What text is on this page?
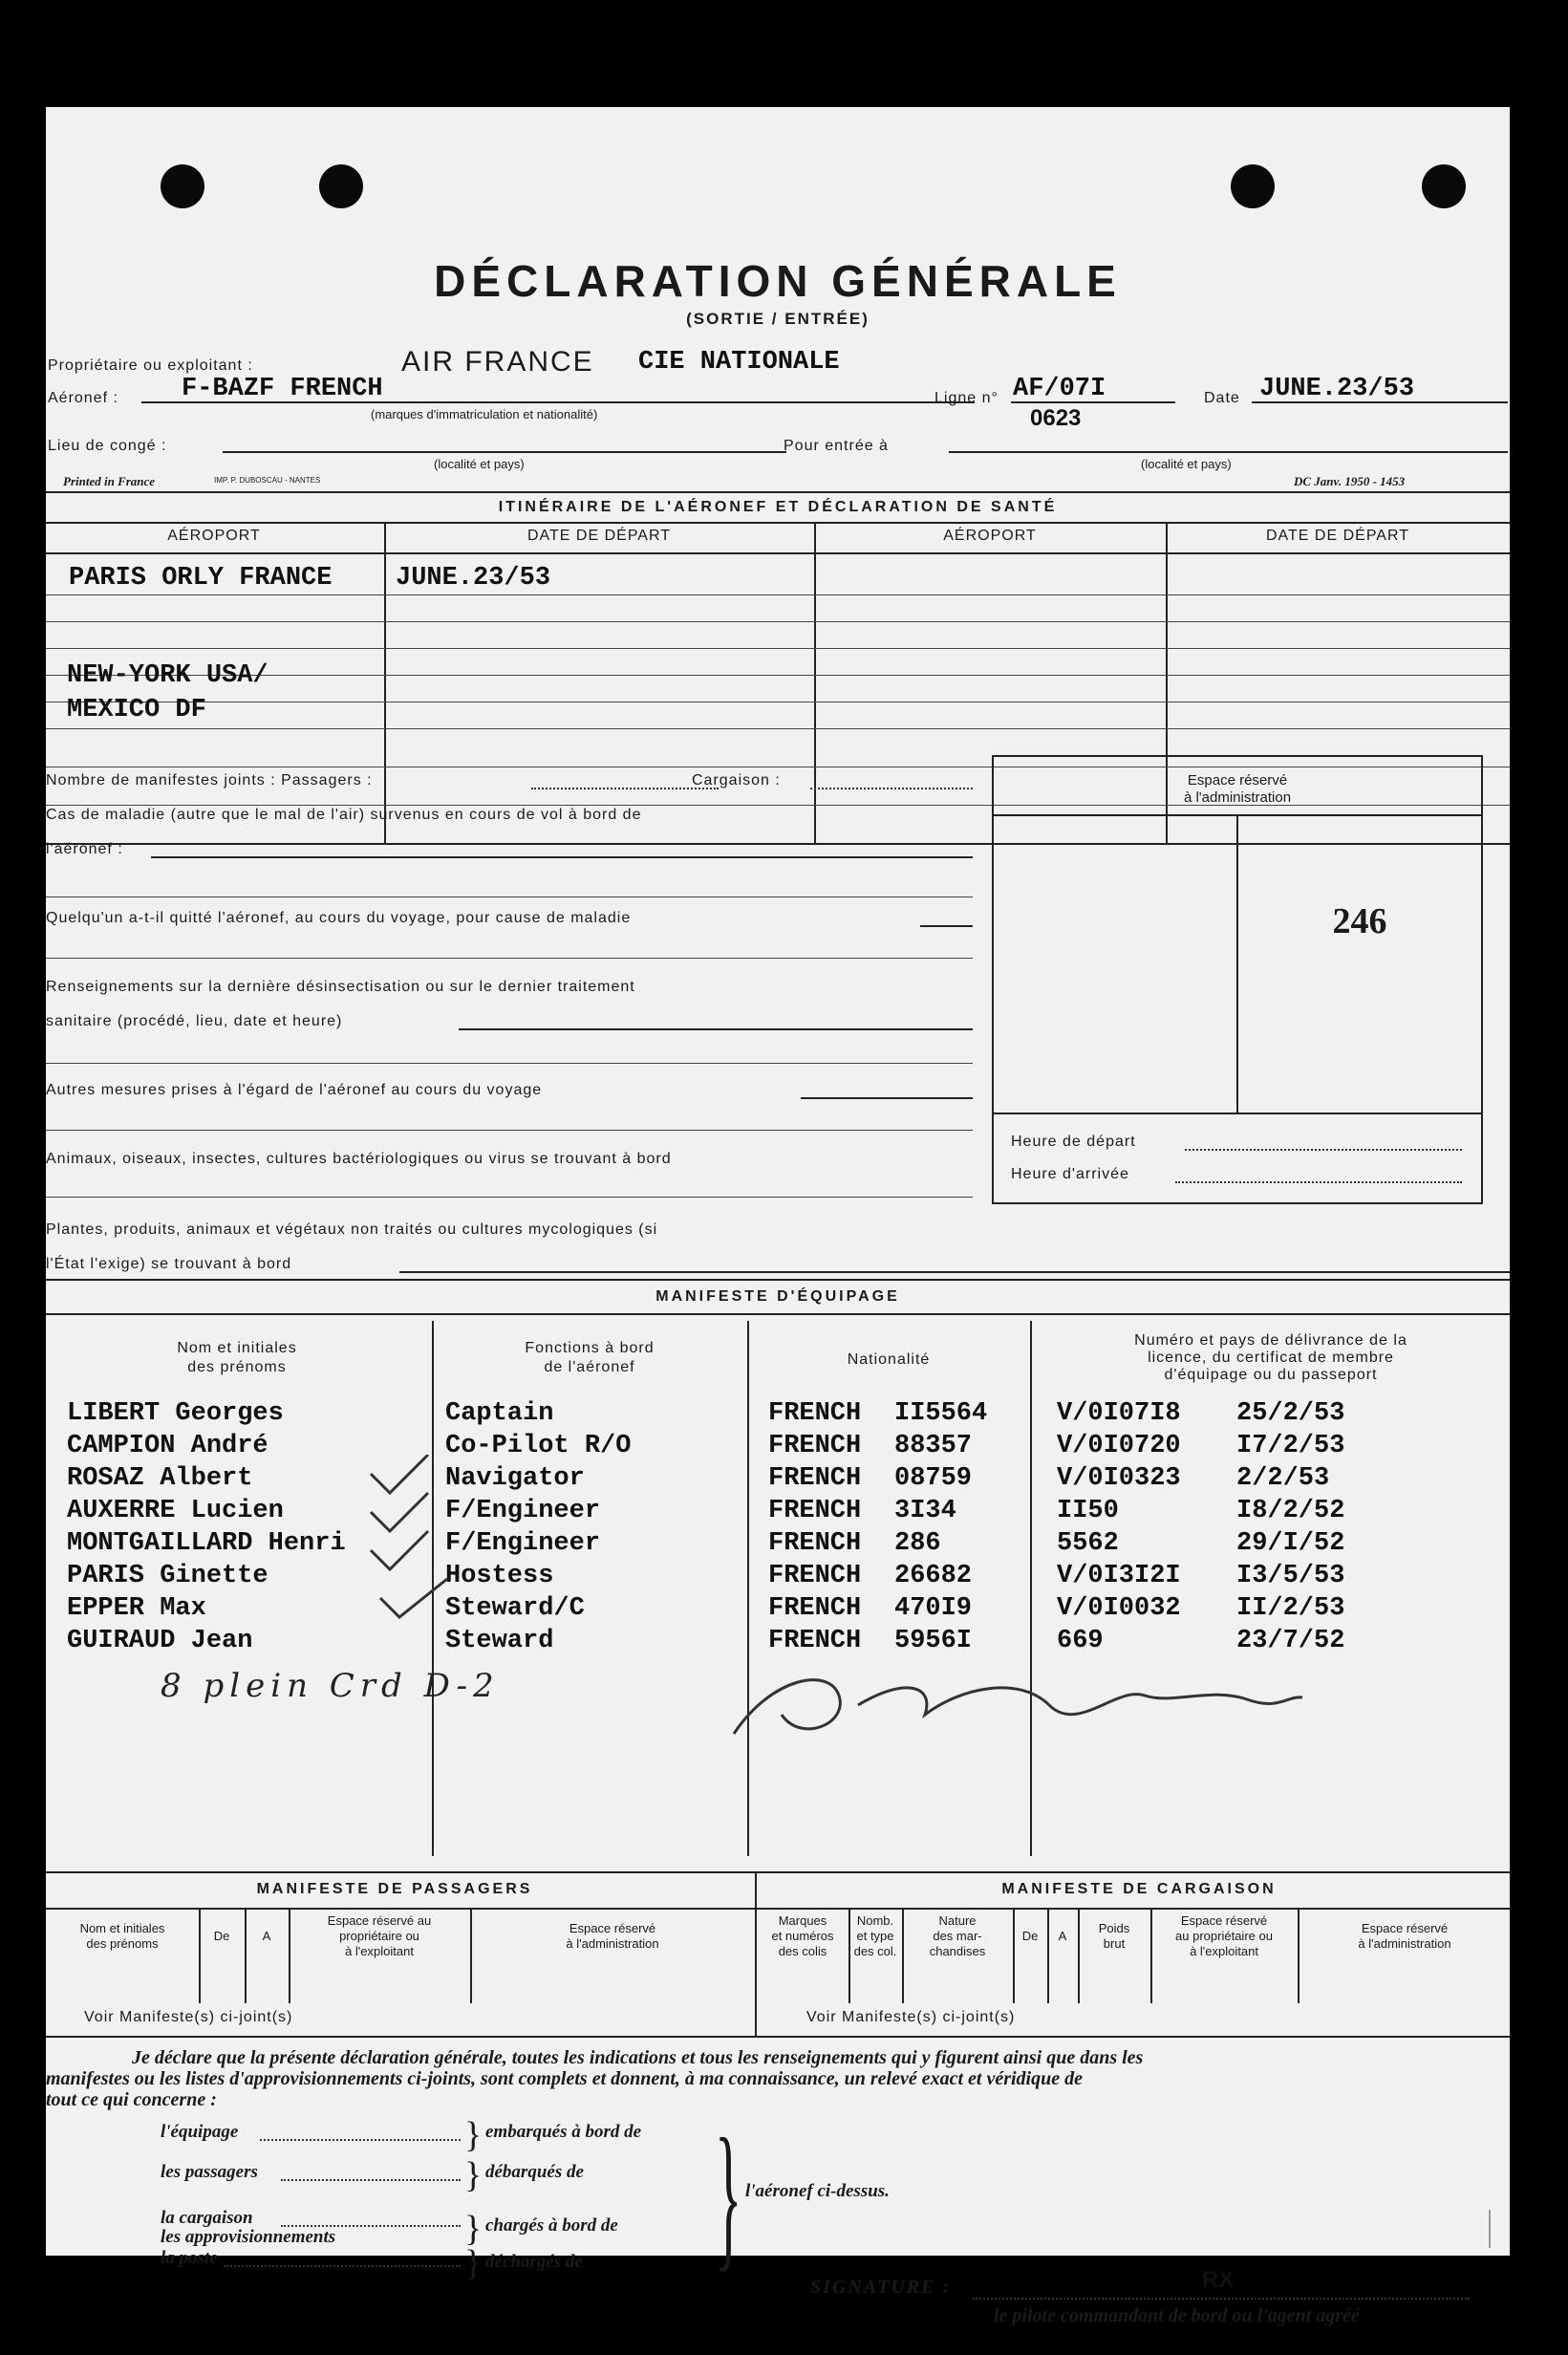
DÉCLARATION GÉNÉRALE
(SORTIE / ENTRÉE)
Propriétaire ou exploitant :	AIR FRANCE CIE NATIONALE
Aéronef : F-BAZF FRENCH	Ligne n° AF/07I
0623
Date JUNE.23/53
(marques d'immatriculation et nationalité)
Lieu de congé :	Pour entrée à
(localité et pays)	(localité et pays)
Printed in France	IMP. P. DUBOSCAU - NANTES	DC Janv. 1950 - 1453
ITINÉRAIRE DE L'AÉRONEF ET DÉCLARATION DE SANTÉ
AÉROPORT	DATE DE DÉPART	AÉROPORT	DATE DE DÉPART
PARIS ORLY FRANCE JUNE.23/53
NEW-YORK USA/
MEXICO DF
Nombre de manifestes joints : Passagers :	Cargaison :
Cas de maladie (autre que le mal de l'air) survenus en cours de vol à bord de
l'aéronef :
Quelqu'un a-t-il quitté l'aéronef, au cours du voyage, pour cause de maladie
Renseignements sur la dernière désinsectisation ou sur le dernier traitement
sanitaire (procédé, lieu, date et heure)
Autres mesures prises à l'égard de l'aéronef au cours du voyage
Animaux, oiseaux, insectes, cultures bactériologiques ou virus se trouvant à bord
Plantes, produits, animaux et végétaux non traités ou cultures mycologiques (si
l'État l'exige) se trouvant à bord
Espace réservé
à l'administration
246
Heure de départ
Heure d'arrivée
MANIFESTE D'ÉQUIPAGE
Nom et initiales
des prénoms
Fonctions à bord
de l'aéronef	Nationalité
Numéro et pays de délivrance de la
licence, du certificat de membre
d'équipage ou du passeport
LIBERT Georges	Captain	FRENCH II5564	V/0I07I8 25/2/53
CAMPION André	Co-Pilot R/O	FRENCH 88357	V/0I0720 I7/2/53
ROSAZ Albert	Navigator	FRENCH 08759	V/0I0323 2/2/53
AUXERRE Lucien	F/Engineer	FRENCH 3I34	II50	I8/2/52
MONTGAILLARD Henri	F/Engineer	FRENCH 286	5562	29/I/52
PARIS Ginette	Hostess	FRENCH 26682	V/0I3I2I I3/5/53
EPPER Max	Steward/C	FRENCH 470I9	V/0I0032 II/2/53
GUIRAUD Jean	Steward	FRENCH 5956I	669	23/7/52
8 plein Crd D-2
MANIFESTE DE PASSAGERS	MANIFESTE DE CARGAISON
Nom et initiales
des prénoms
De	A
Espace réservé au
propriétaire ou
à l'exploitant
Espace réservé
à l'administration
Voir Manifeste(s) ci-joint(s)
Marques
et numéros
des colis
Nomb.
et type
des col.
Nature
des mar-
chandises
De	A
Poids
brut
Espace réservé
au propriétaire ou
à l'exploitant
Espace réservé
à l'administration
Voir Manifeste(s) ci-joint(s)
Je déclare que la présente déclaration générale, toutes les indications et tous les renseignements qui y figurent ainsi que dans les
manifestes ou les listes d'approvisionnements ci-joints, sont complets et donnent, à ma connaissance, un relevé exact et véridique de
tout ce qui concerne :
l'équipage
les passagers
la cargaison
les approvisionnements
la poste
}
}
}
}
embarqués à bord de
débarqués de
chargés à bord de
déchargés de } l'aéronef ci-dessus.
SIGNATURE :	RX
le pilote commandant de bord ou l'agent agréé
